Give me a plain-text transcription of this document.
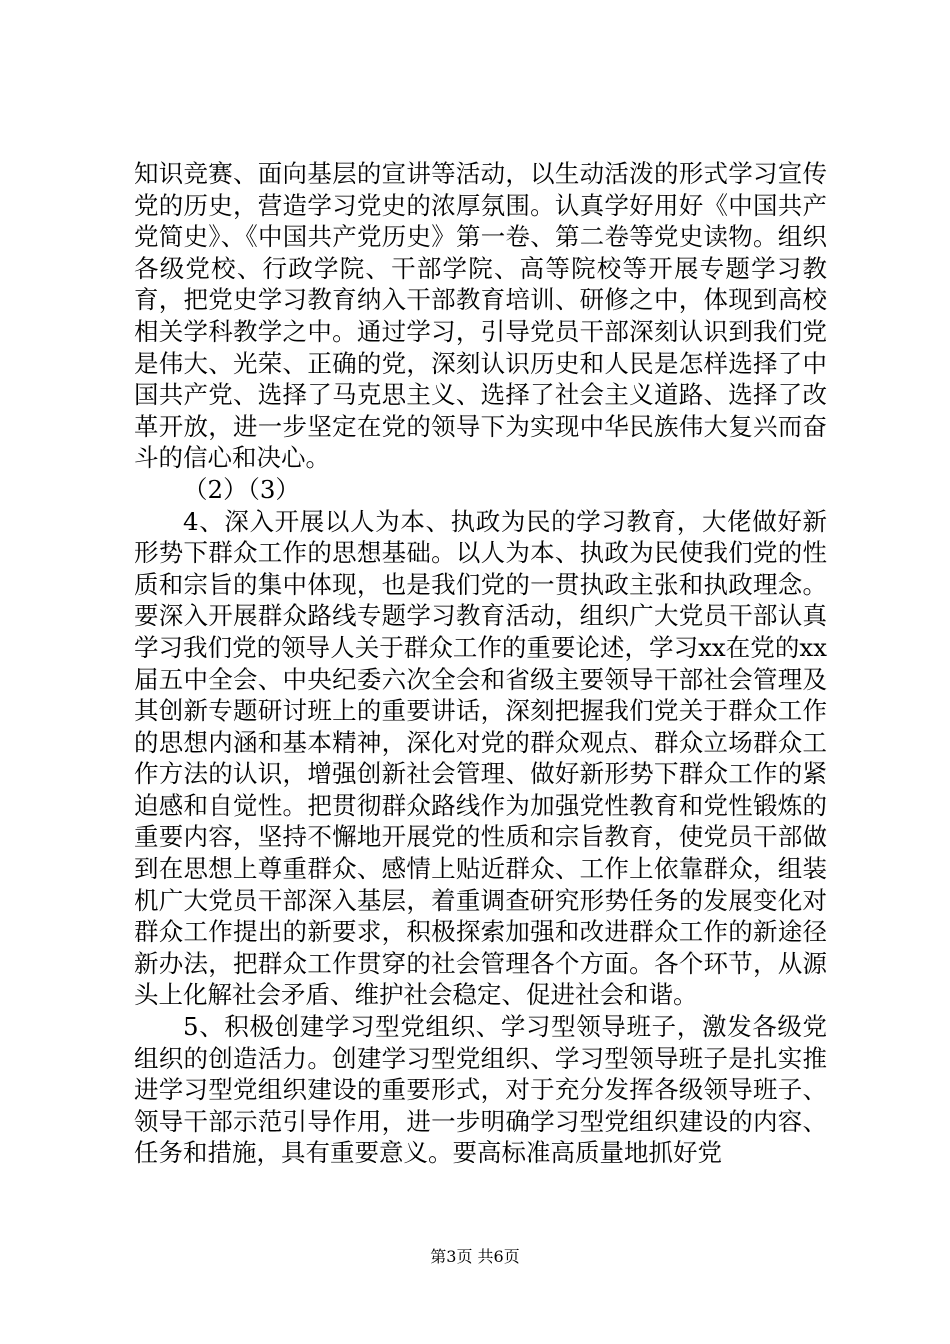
知识竞赛、面向基层的宣讲等活动，以生动活泼的形式学习宣传党的历史，营造学习党史的浓厚氛围。认真学好用好《中国共产党简史》、《中国共产党历史》第一卷、第二卷等党史读物。组织各级党校、行政学院、干部学院、高等院校等开展专题学习教育，把党史学习教育纳入干部教育培训、研修之中，体现到高校相关学科教学之中。通过学习，引导党员干部深刻认识到我们党是伟大、光荣、正确的党，深刻认识历史和人民是怎样选择了中国共产党、选择了马克思主义、选择了社会主义道路、选择了改革开放，进一步坚定在党的领导下为实现中华民族伟大复兴而奋斗的信心和决心。

（2）（3）

4、深入开展以人为本、执政为民的学习教育，大佬做好新形势下群众工作的思想基础。以人为本、执政为民使我们党的性质和宗旨的集中体现，也是我们党的一贯执政主张和执政理念。要深入开展群众路线专题学习教育活动，组织广大党员干部认真学习我们党的领导人关于群众工作的重要论述，学习xx在党的xx届五中全会、中央纪委六次全会和省级主要领导干部社会管理及其创新专题研讨班上的重要讲话，深刻把握我们党关于群众工作的思想内涵和基本精神，深化对党的群众观点、群众立场群众工作方法的认识，增强创新社会管理、做好新形势下群众工作的紧迫感和自觉性。把贯彻群众路线作为加强党性教育和党性锻炼的重要内容，坚持不懈地开展党的性质和宗旨教育，使党员干部做到在思想上尊重群众、感情上贴近群众、工作上依靠群众，组装机广大党员干部深入基层，着重调查研究形势任务的发展变化对群众工作提出的新要求，积极探索加强和改进群众工作的新途径新办法，把群众工作贯穿的社会管理各个方面。各个环节，从源头上化解社会矛盾、维护社会稳定、促进社会和谐。

5、积极创建学习型党组织、学习型领导班子，激发各级党组织的创造活力。创建学习型党组织、学习型领导班子是扎实推进学习型党组织建设的重要形式，对于充分发挥各级领导班子、领导干部示范引导作用，进一步明确学习型党组织建设的内容、任务和措施，具有重要意义。要高标准高质量地抓好党

第3页 共6页
